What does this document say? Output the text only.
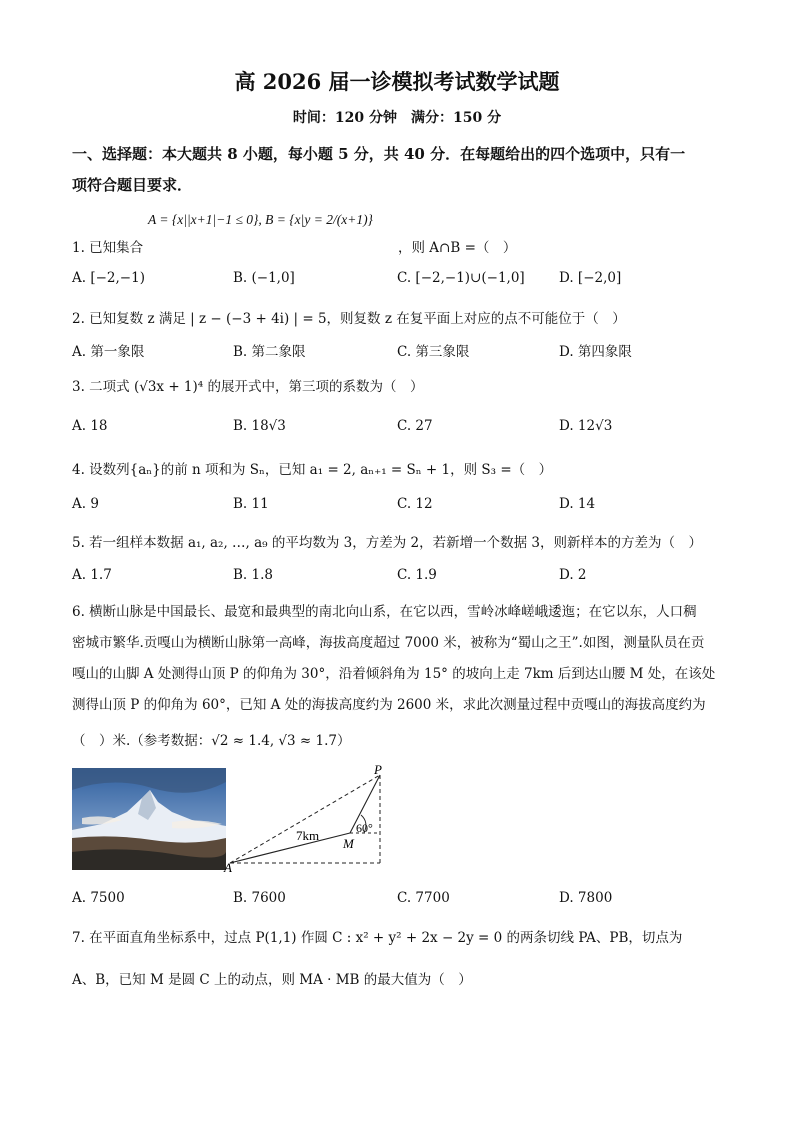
高 2026 届一诊模拟考试数学试题
时间：120 分钟　满分：150 分
一、选择题：本大题共 8 小题，每小题 5 分，共 40 分．在每题给出的四个选项中，只有一
项符合题目要求．
A = {x||x+1|−1 ≤ 0}, B = {x|y = 2/(x+1)}
1. 已知集合	，则 A∩B =（　）
A. [−2,−1)	B. (−1,0]	C. [−2,−1)∪(−1,0]	D. [−2,0]
2. 已知复数 z 满足 | z − (−3 + 4i) | = 5，则复数 z 在复平面上对应的点不可能位于（　）
A. 第一象限	B. 第二象限	C. 第三象限	D. 第四象限
3. 二项式 (√3x + 1)⁴ 的展开式中，第三项的系数为（　）
A. 18	B. 18√3	C. 27	D. 12√3
4. 设数列{aₙ}的前 n 项和为 Sₙ，已知 a₁ = 2, aₙ₊₁ = Sₙ + 1，则 S₃ =（　）
A. 9	B. 11	C. 12	D. 14
5. 若一组样本数据 a₁, a₂, …, a₉ 的平均数为 3，方差为 2，若新增一个数据 3，则新样本的方差为（　）
A. 1.7	B. 1.8	C. 1.9	D. 2
6. 横断山脉是中国最长、最宽和最典型的南北向山系，在它以西，雪岭冰峰嵯峨逶迤；在它以东，人口稠
密城市繁华.贡嘎山为横断山脉第一高峰，海拔高度超过 7000 米，被称为“蜀山之王”.如图，测量队员在贡
嘎山的山脚 A 处测得山顶 P 的仰角为 30°，沿着倾斜角为 15° 的坡向上走 7km 后到达山腰 M 处，在该处
测得山顶 P 的仰角为 60°，已知 A 处的海拔高度约为 2600 米，求此次测量过程中贡嘎山的海拔高度约为
（　）米.（参考数据：√2 ≈ 1.4, √3 ≈ 1.7）
P
A
M
7km	60°
A. 7500	B. 7600	C. 7700	D. 7800
7. 在平面直角坐标系中，过点 P(1,1) 作圆 C : x² + y² + 2x − 2y = 0 的两条切线 PA、PB，切点为
A、B，已知 M 是圆 C 上的动点，则 MA · MB 的最大值为（　）
